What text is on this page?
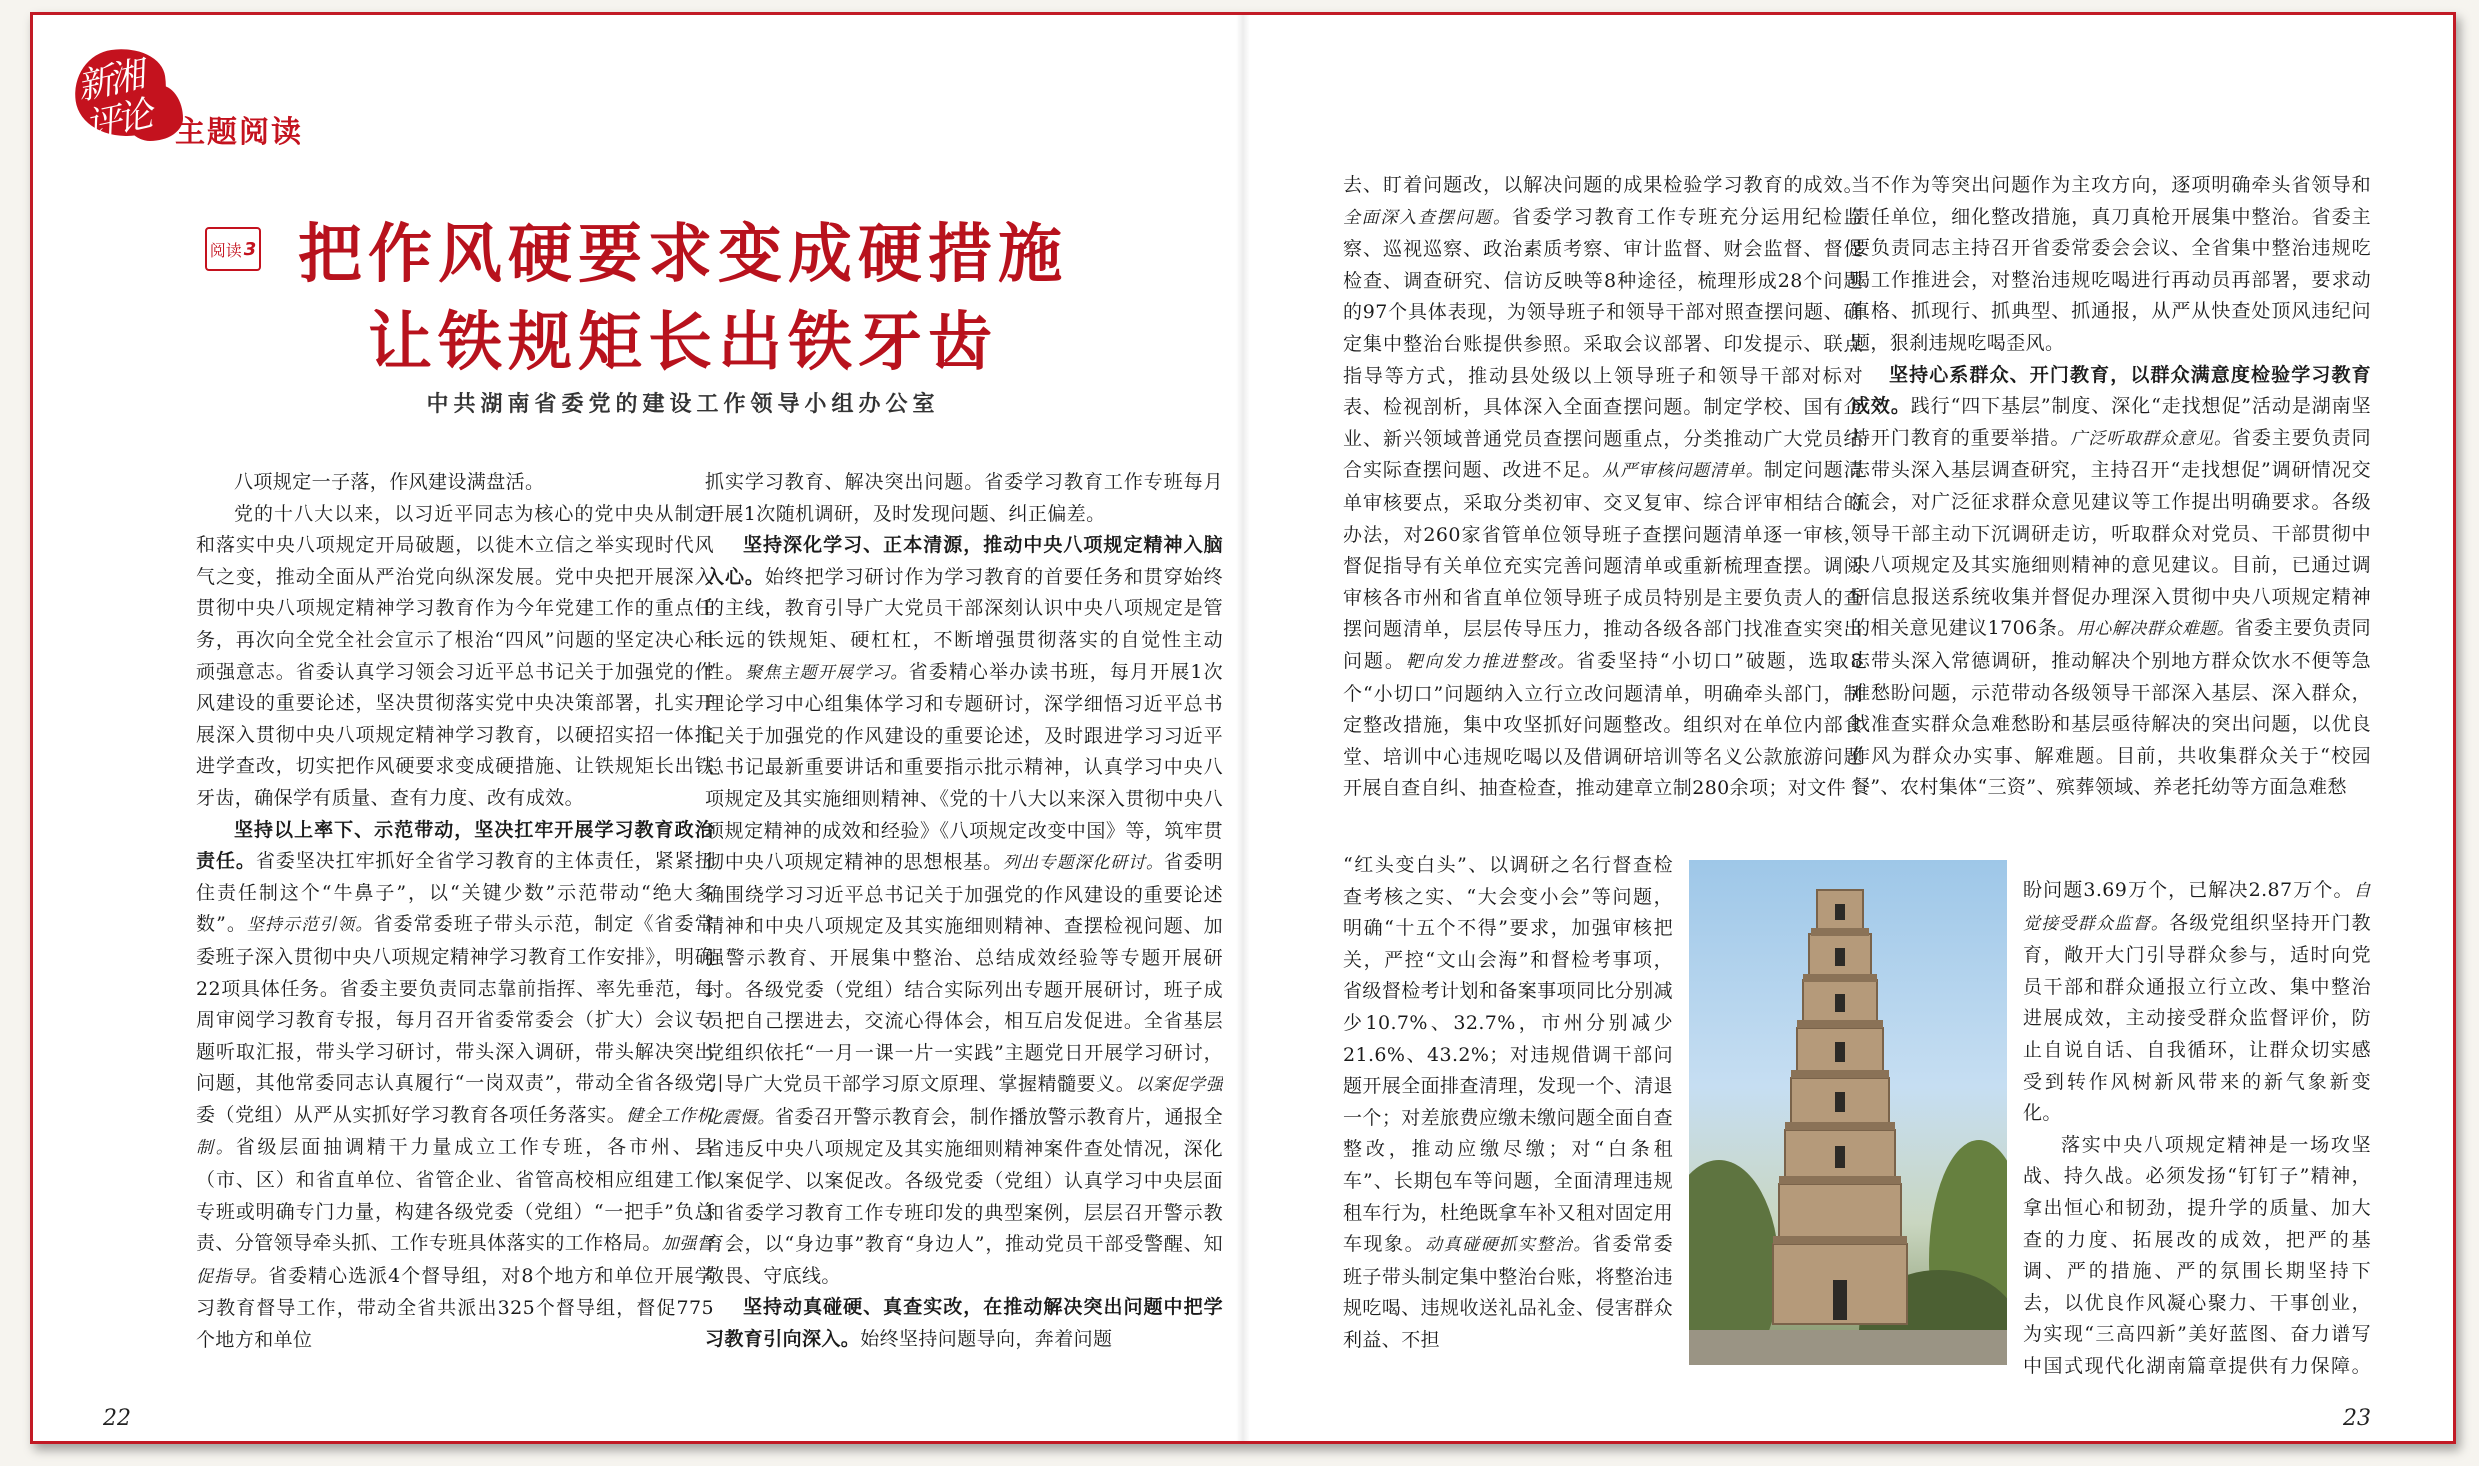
新湘评论 主题阅读
阅读 3 把作风硬要求变成硬措施
让铁规矩长出铁牙齿
中共湖南省委党的建设工作领导小组办公室

八项规定一子落，作风建设满盘活。

党的十八大以来，以习近平同志为核心的党中央从制定和落实中央八项规定开局破题，以徙木立信之举实现时代风气之变，推动全面从严治党向纵深发展。党中央把开展深入贯彻中央八项规定精神学习教育作为今年党建工作的重点任务，再次向全党全社会宣示了根治“四风”问题的坚定决心和顽强意志。省委认真学习领会习近平总书记关于加强党的作风建设的重要论述，坚决贯彻落实党中央决策部署，扎实开展深入贯彻中央八项规定精神学习教育，以硬招实招一体推进学查改，切实把作风硬要求变成硬措施、让铁规矩长出铁牙齿，确保学有质量、查有力度、改有成效。

坚持以上率下、示范带动，坚决扛牢开展学习教育政治责任。省委坚决扛牢抓好全省学习教育的主体责任，紧紧扭住责任制这个“牛鼻子”，以“关键少数”示范带动“绝大多数”。坚持示范引领。省委常委班子带头示范，制定《省委常委班子深入贯彻中央八项规定精神学习教育工作安排》，明确22项具体任务。省委主要负责同志靠前指挥、率先垂范，每周审阅学习教育专报，每月召开省委常委会（扩大）会议专题听取汇报，带头学习研讨，带头深入调研，带头解决突出问题，其他常委同志认真履行“一岗双责”，带动全省各级党委（党组）从严从实抓好学习教育各项任务落实。健全工作机制。省级层面抽调精干力量成立工作专班，各市州、县（市、区）和省直单位、省管企业、省管高校相应组建工作专班或明确专门力量，构建各级党委（党组）“一把手”负总责、分管领导牵头抓、工作专班具体落实的工作格局。加强督促指导。省委精心选派4个督导组，对8个地方和单位开展学习教育督导工作，带动全省共派出325个督导组，督促775个地方和单位

抓实学习教育、解决突出问题。省委学习教育工作专班每月开展1次随机调研，及时发现问题、纠正偏差。

坚持深化学习、正本清源，推动中央八项规定精神入脑入心。始终把学习研讨作为学习教育的首要任务和贯穿始终的主线，教育引导广大党员干部深刻认识中央八项规定是管长远的铁规矩、硬杠杠，不断增强贯彻落实的自觉性主动性。聚焦主题开展学习。省委精心举办读书班，每月开展1次理论学习中心组集体学习和专题研讨，深学细悟习近平总书记关于加强党的作风建设的重要论述，及时跟进学习习近平总书记最新重要讲话和重要指示批示精神，认真学习中央八项规定及其实施细则精神、《党的十八大以来深入贯彻中央八项规定精神的成效和经验》《八项规定改变中国》等，筑牢贯彻中央八项规定精神的思想根基。列出专题深化研讨。省委明确围绕学习习近平总书记关于加强党的作风建设的重要论述精神和中央八项规定及其实施细则精神、查摆检视问题、加强警示教育、开展集中整治、总结成效经验等专题开展研讨。各级党委（党组）结合实际列出专题开展研讨，班子成员把自己摆进去，交流心得体会，相互启发促进。全省基层党组织依托“一月一课一片一实践”主题党日开展学习研讨，引导广大党员干部学习原文原理、掌握精髓要义。以案促学强化震慑。省委召开警示教育会，制作播放警示教育片，通报全省违反中央八项规定及其实施细则精神案件查处情况，深化以案促学、以案促改。各级党委（党组）认真学习中央层面和省委学习教育工作专班印发的典型案例，层层召开警示教育会，以“身边事”教育“身边人”，推动党员干部受警醒、知敬畏、守底线。

坚持动真碰硬、真查实改，在推动解决突出问题中把学习教育引向深入。始终坚持问题导向，奔着问题

去、盯着问题改，以解决问题的成果检验学习教育的成效。全面深入查摆问题。省委学习教育工作专班充分运用纪检监察、巡视巡察、政治素质考察、审计监督、财会监督、督促检查、调查研究、信访反映等8种途径，梳理形成28个问题的97个具体表现，为领导班子和领导干部对照查摆问题、确定集中整治台账提供参照。采取会议部署、印发提示、联点指导等方式，推动县处级以上领导班子和领导干部对标对表、检视剖析，具体深入全面查摆问题。制定学校、国有企业、新兴领域普通党员查摆问题重点，分类推动广大党员结合实际查摆问题、改进不足。从严审核问题清单。制定问题清单审核要点，采取分类初审、交叉复审、综合评审相结合的办法，对260家省管单位领导班子查摆问题清单逐一审核，督促指导有关单位充实完善问题清单或重新梳理查摆。调阅审核各市州和省直单位领导班子成员特别是主要负责人的查摆问题清单，层层传导压力，推动各级各部门找准查实突出问题。靶向发力推进整改。省委坚持“小切口”破题，选取8个“小切口”问题纳入立行立改问题清单，明确牵头部门，制定整改措施，集中攻坚抓好问题整改。组织对在单位内部食堂、培训中心违规吃喝以及借调研培训等名义公款旅游问题开展自查自纠、抽查检查，推动建章立制280余项；对文件

“红头变白头”、以调研之名行督查检查考核之实、“大会变小会”等问题，明确“十五个不得”要求，加强审核把关，严控“文山会海”和督检考事项，省级督检考计划和备案事项同比分别减少10.7%、32.7%，市州分别减少21.6%、43.2%；对违规借调干部问题开展全面排查清理，发现一个、清退一个；对差旅费应缴未缴问题全面自查整改，推动应缴尽缴；对“白条租车”、长期包车等问题，全面清理违规租车行为，杜绝既拿车补又租对固定用车现象。动真碰硬抓实整治。省委常委班子带头制定集中整治台账，将整治违规吃喝、违规收送礼品礼金、侵害群众利益、不担

当不作为等突出问题作为主攻方向，逐项明确牵头省领导和责任单位，细化整改措施，真刀真枪开展集中整治。省委主要负责同志主持召开省委常委会会议、全省集中整治违规吃喝工作推进会，对整治违规吃喝进行再动员再部署，要求动真格、抓现行、抓典型、抓通报，从严从快查处顶风违纪问题，狠刹违规吃喝歪风。

坚持心系群众、开门教育，以群众满意度检验学习教育成效。践行“四下基层”制度、深化“走找想促”活动是湖南坚持开门教育的重要举措。广泛听取群众意见。省委主要负责同志带头深入基层调查研究，主持召开“走找想促”调研情况交流会，对广泛征求群众意见建议等工作提出明确要求。各级领导干部主动下沉调研走访，听取群众对党员、干部贯彻中央八项规定及其实施细则精神的意见建议。目前，已通过调研信息报送系统收集并督促办理深入贯彻中央八项规定精神的相关意见建议1706条。用心解决群众难题。省委主要负责同志带头深入常德调研，推动解决个别地方群众饮水不便等急难愁盼问题，示范带动各级领导干部深入基层、深入群众，找准查实群众急难愁盼和基层亟待解决的突出问题，以优良作风为群众办实事、解难题。目前，共收集群众关于“校园餐”、农村集体“三资”、殡葬领域、养老托幼等方面急难愁

盼问题3.69万个，已解决2.87万个。自觉接受群众监督。各级党组织坚持开门教育，敞开大门引导群众参与，适时向党员干部和群众通报立行立改、集中整治进展成效，主动接受群众监督评价，防止自说自话、自我循环，让群众切实感受到转作风树新风带来的新气象新变化。

落实中央八项规定精神是一场攻坚战、持久战。必须发扬“钉钉子”精神，拿出恒心和韧劲，提升学的质量、加大查的力度、拓展改的成效，把严的基调、严的措施、严的氛围长期坚持下去，以优良作风凝心聚力、干事创业，为实现“三高四新”美好蓝图、奋力谱写中国式现代化湖南篇章提供有力保障。

22	23
